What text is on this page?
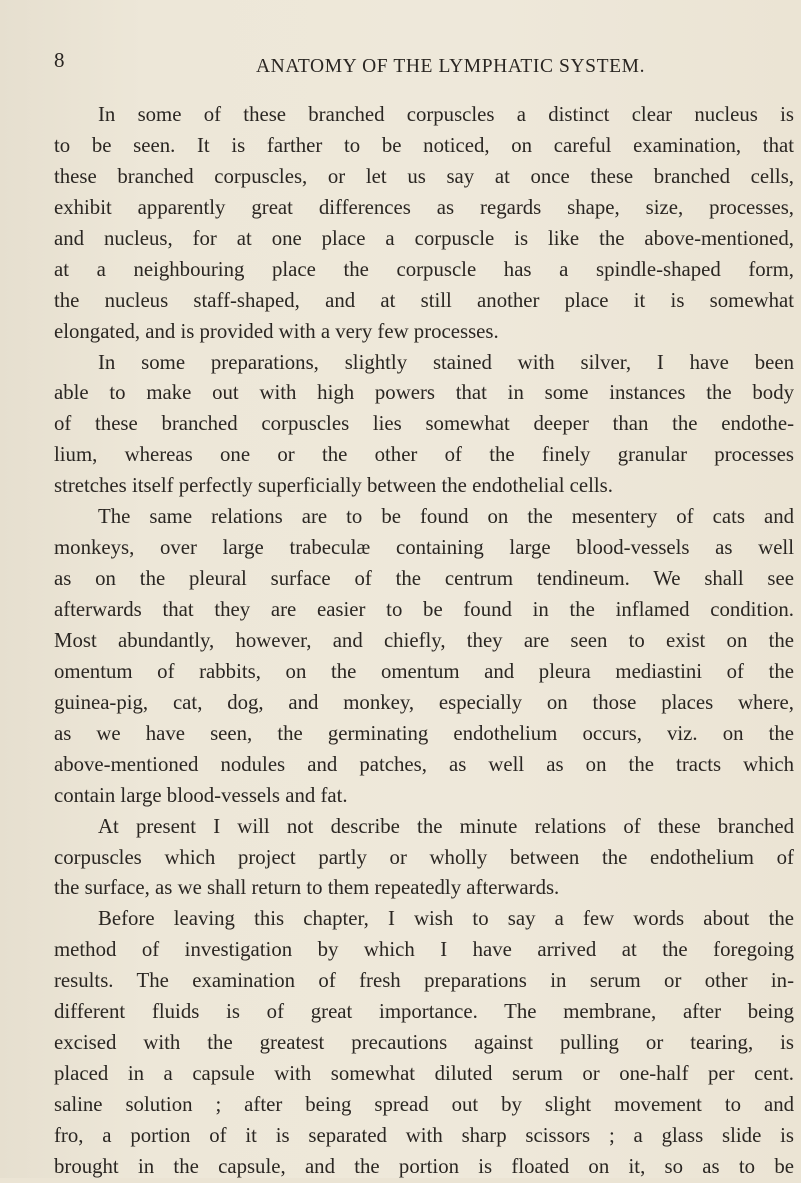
8	ANATOMY OF THE LYMPHATIC SYSTEM.
In some of these branched corpuscles a distinct clear nucleus is
to be seen. It is farther to be noticed, on careful examination, that
these branched corpuscles, or let us say at once these branched cells,
exhibit apparently great differences as regards shape, size, processes,
and nucleus, for at one place a corpuscle is like the above-mentioned,
at a neighbouring place the corpuscle has a spindle-shaped form,
the nucleus staff-shaped, and at still another place it is somewhat
elongated, and is provided with a very few processes.
In some preparations, slightly stained with silver, I have been
able to make out with high powers that in some instances the body
of these branched corpuscles lies somewhat deeper than the endothe-
lium, whereas one or the other of the finely granular processes
stretches itself perfectly superficially between the endothelial cells.
The same relations are to be found on the mesentery of cats and
monkeys, over large trabeculæ containing large blood-vessels as well
as on the pleural surface of the centrum tendineum. We shall see
afterwards that they are easier to be found in the inflamed condition.
Most abundantly, however, and chiefly, they are seen to exist on the
omentum of rabbits, on the omentum and pleura mediastini of the
guinea-pig, cat, dog, and monkey, especially on those places where,
as we have seen, the germinating endothelium occurs, viz. on the
above-mentioned nodules and patches, as well as on the tracts which
contain large blood-vessels and fat.
At present I will not describe the minute relations of these branched
corpuscles which project partly or wholly between the endothelium of
the surface, as we shall return to them repeatedly afterwards.
Before leaving this chapter, I wish to say a few words about the
method of investigation by which I have arrived at the foregoing
results. The examination of fresh preparations in serum or other in-
different fluids is of great importance. The membrane, after being
excised with the greatest precautions against pulling or tearing, is
placed in a capsule with somewhat diluted serum or one-half per cent.
saline solution ; after being spread out by slight movement to and
fro, a portion of it is separated with sharp scissors ; a glass slide is
brought in the capsule, and the portion is floated on it, so as to be
